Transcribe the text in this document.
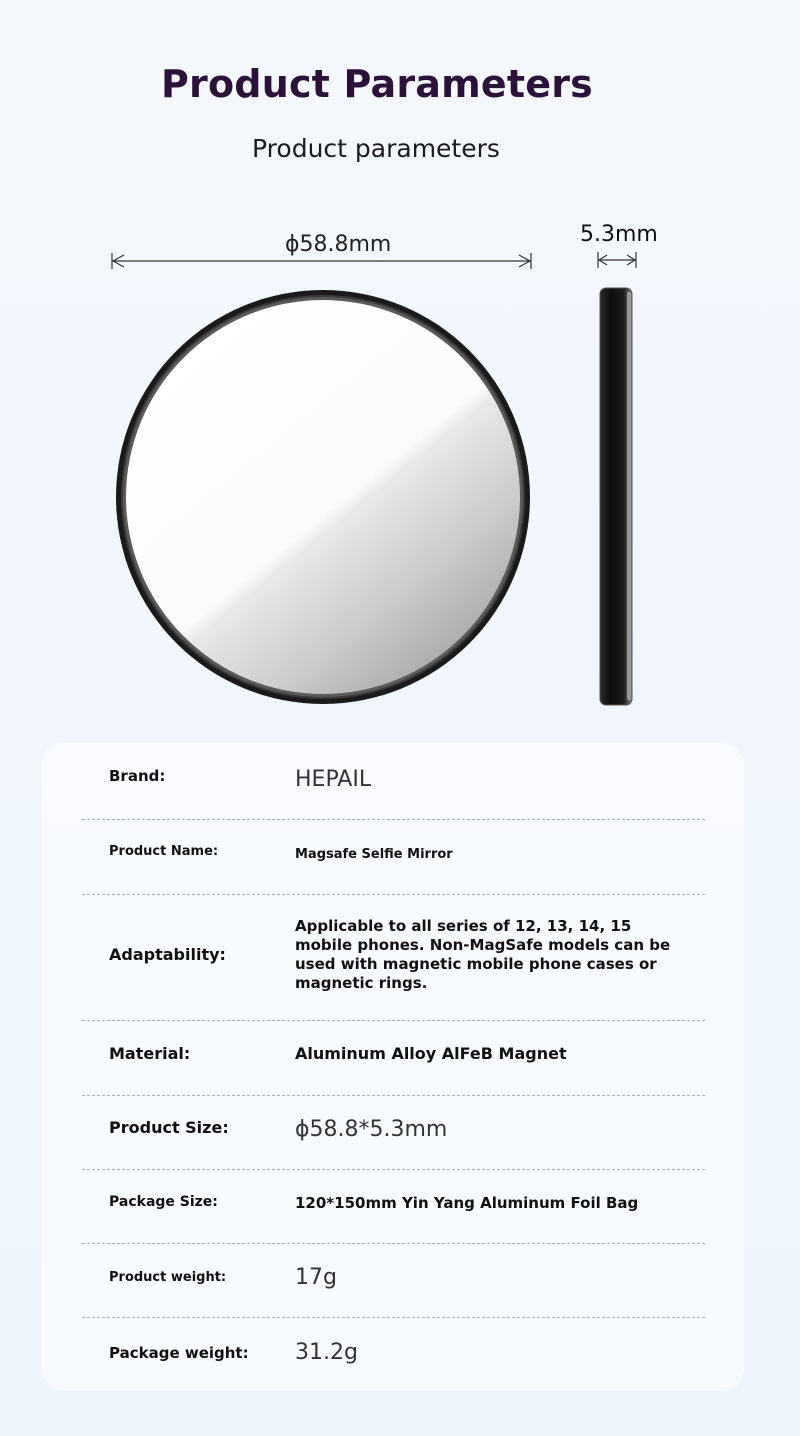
Product Parameters
Product parameters
ϕ58.8mm	5.3mm
Brand:	HEPAIL
Product Name:	Magsafe Selfie Mirror
Adaptability:
Applicable to all series of 12, 13, 14, 15 mobile phones. Non-MagSafe models can be used with magnetic mobile phone cases or magnetic rings.
Material:	Aluminum Alloy AlFeB Magnet
Product Size:	ϕ58.8*5.3mm
Package Size:	120*150mm Yin Yang Aluminum Foil Bag
Product weight:	17g
Package weight: 31.2g
